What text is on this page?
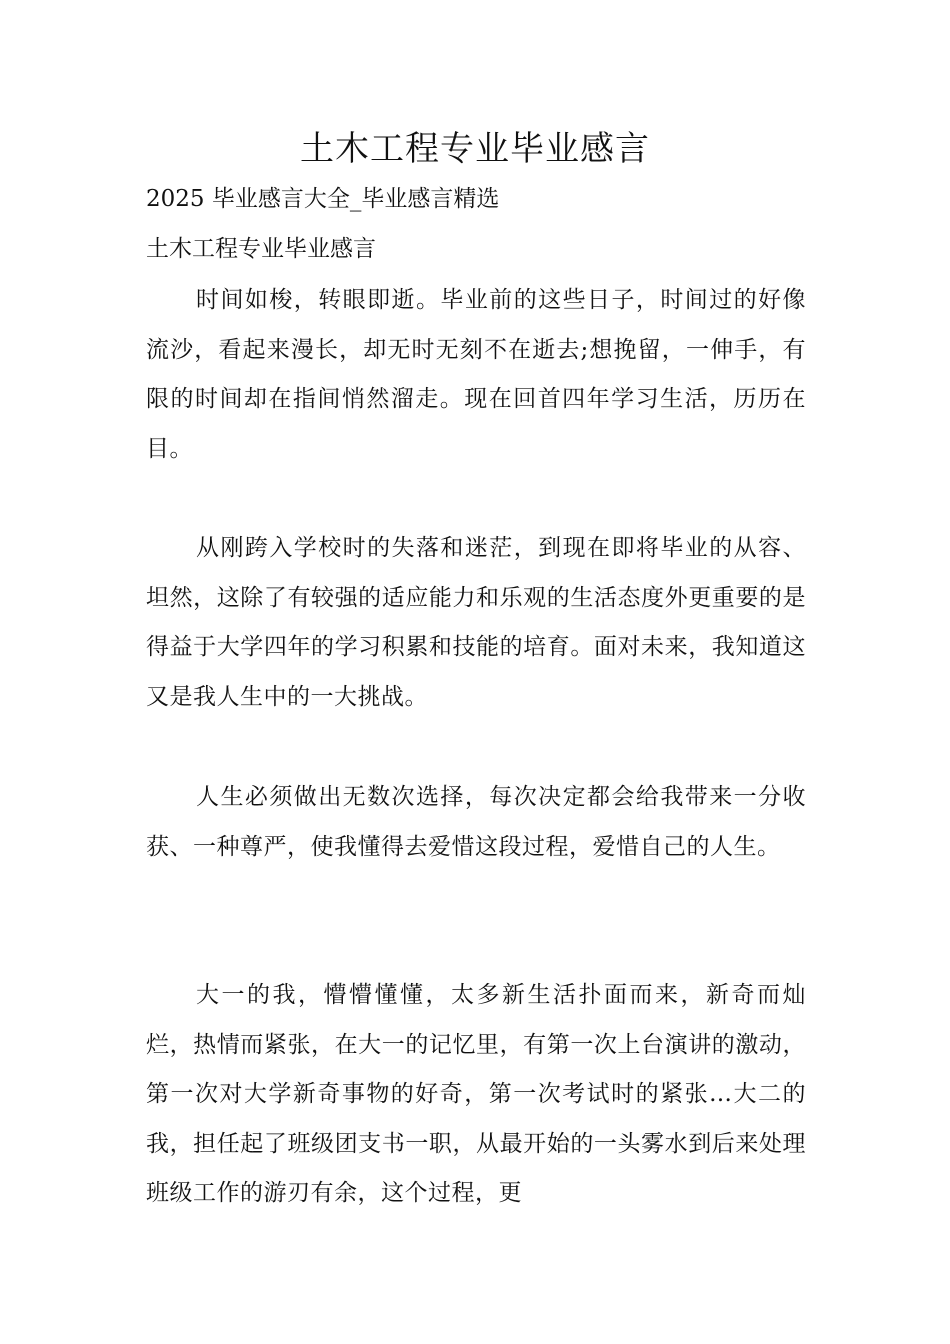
土木工程专业毕业感言
2025 毕业感言大全_毕业感言精选
土木工程专业毕业感言

时间如梭，转眼即逝。毕业前的这些日子，时间过的好像流沙，看起来漫长，却无时无刻不在逝去;想挽留，一伸手，有限的时间却在指间悄然溜走。现在回首四年学习生活，历历在目。

从刚跨入学校时的失落和迷茫，到现在即将毕业的从容、坦然，这除了有较强的适应能力和乐观的生活态度外更重要的是得益于大学四年的学习积累和技能的培育。面对未来，我知道这又是我人生中的一大挑战。

人生必须做出无数次选择，每次决定都会给我带来一分收获、一种尊严，使我懂得去爱惜这段过程，爱惜自己的人生。

大一的我，懵懵懂懂，太多新生活扑面而来，新奇而灿烂，热情而紧张，在大一的记忆里，有第一次上台演讲的激动，第一次对大学新奇事物的好奇，第一次考试时的紧张…大二的我，担任起了班级团支书一职，从最开始的一头雾水到后来处理班级工作的游刃有余，这个过程，更
